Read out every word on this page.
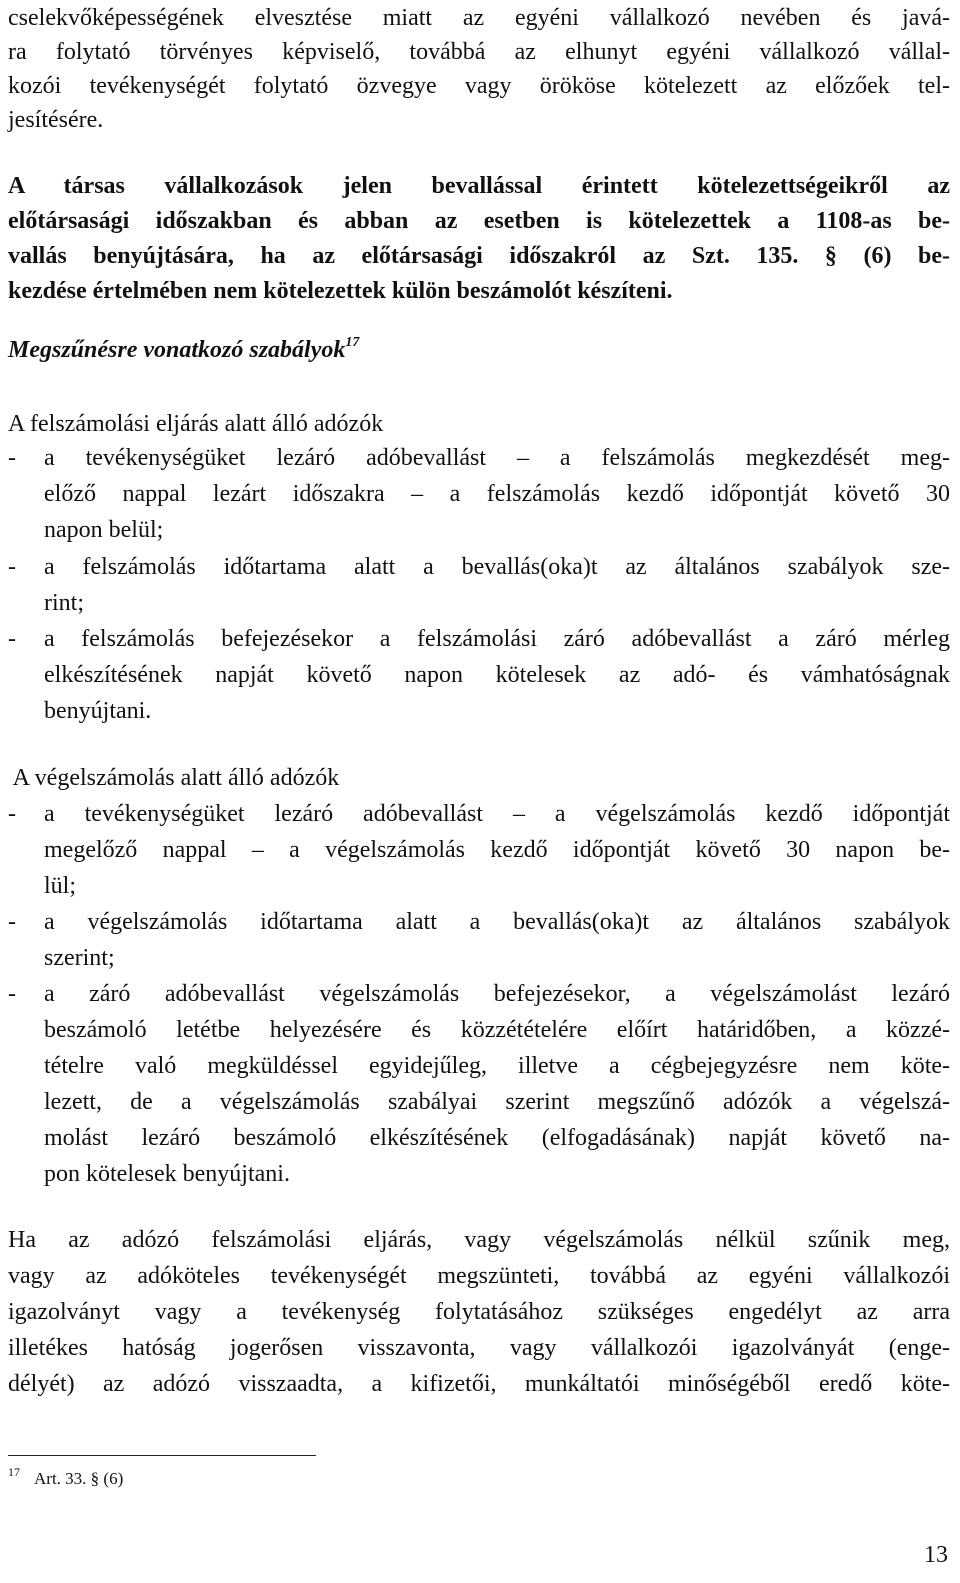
cselekvőképességének elvesztése miatt az egyéni vállalkozó nevében és javá-
ra folytató törvényes képviselő, továbbá az elhunyt egyéni vállalkozó vállal-
kozói tevékenységét folytató özvegye vagy örököse kötelezett az előzőek tel-
jesítésére.
A társas vállalkozások jelen bevallással érintett kötelezettségeikről az
előtársasági időszakban és abban az esetben is kötelezettek a 1108-as be-
vallás benyújtására, ha az előtársasági időszakról az Szt. 135. § (6) be-
kezdése értelmében nem kötelezettek külön beszámolót készíteni.
Megszűnésre vonatkozó szabályok$^{17}$
A felszámolási eljárás alatt álló adózók
- a tevékenységüket lezáró adóbevallást – a felszámolás megkezdését meg-
előző nappal lezárt időszakra – a felszámolás kezdő időpontját követő 30
napon belül;
- a felszámolás időtartama alatt a bevallás(oka)t az általános szabályok sze-
rint;
- a felszámolás befejezésekor a felszámolási záró adóbevallást a záró mérleg
elkészítésének napját követő napon kötelesek az adó- és vámhatóságnak
benyújtani.
A végelszámolás alatt álló adózók
- a tevékenységüket lezáró adóbevallást – a végelszámolás kezdő időpontját
megelőző nappal – a végelszámolás kezdő időpontját követő 30 napon be-
lül;
- a végelszámolás időtartama alatt a bevallás(oka)t az általános szabályok
szerint;
- a záró adóbevallást végelszámolás befejezésekor, a végelszámolást lezáró
beszámoló letétbe helyezésére és közzétételére előírt határidőben, a közzé-
tételre való megküldéssel egyidejűleg, illetve a cégbejegyzésre nem köte-
lezett, de a végelszámolás szabályai szerint megszűnő adózók a végelszá-
molást lezáró beszámoló elkészítésének (elfogadásának) napját követő na-
pon kötelesek benyújtani.
Ha az adózó felszámolási eljárás, vagy végelszámolás nélkül szűnik meg,
vagy az adóköteles tevékenységét megszünteti, továbbá az egyéni vállalkozói
igazolványt vagy a tevékenység folytatásához szükséges engedélyt az arra
illetékes hatóság jogerősen visszavonta, vagy vállalkozói igazolványát (enge-
délyét) az adózó visszaadta, a kifizetői, munkáltatói minőségéből eredő köte-
$^{17}$ Art. 33. § (6)
13
